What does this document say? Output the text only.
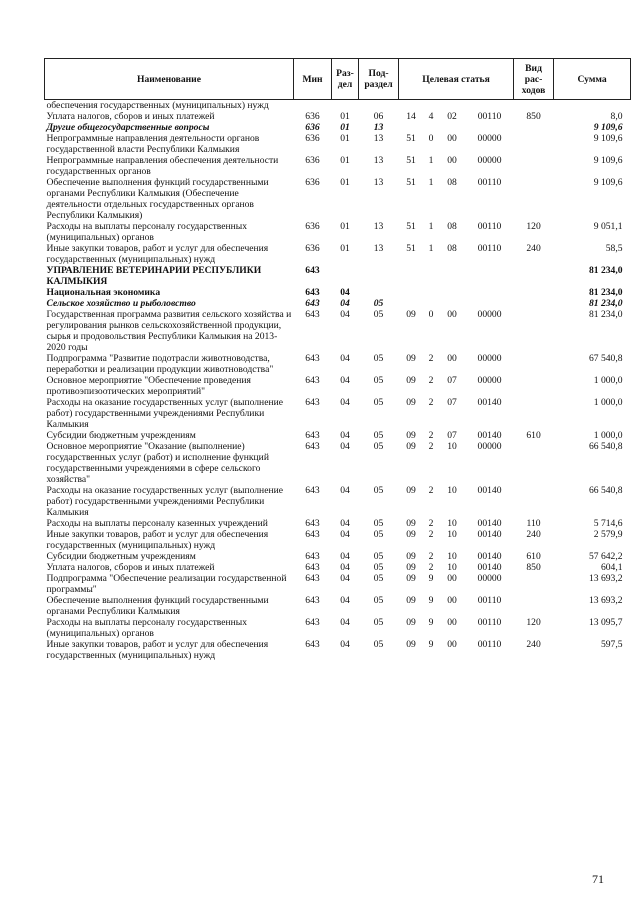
Наименование	Мин	Раз-дел	Под-раздел	Целевая статья				Вид рас-ходов	Сумма
обеспечения государственных (муниципальных) нужд									
Уплата налогов, сборов и иных платежей	636	01	06	14	4	02	00110	850	8,0
Другие общегосударственные вопросы	636	01	13						9 109,6
Непрограммные направления деятельности органов государственной власти Республики Калмыкия	636	01	13	51	0	00	00000		9 109,6
Непрограммные направления обеспечения деятельности государственных органов	636	01	13	51	1	00	00000		9 109,6
Обеспечение выполнения функций государственными органами Республики Калмыкия (Обеспечение деятельности отдельных государственных органов Республики Калмыкия)	636	01	13	51	1	08	00110		9 109,6
Расходы на выплаты персоналу государственных (муниципальных) органов	636	01	13	51	1	08	00110	120	9 051,1
Иные закупки товаров, работ и услуг для обеспечения государственных (муниципальных) нужд	636	01	13	51	1	08	00110	240	58,5
УПРАВЛЕНИЕ ВЕТЕРИНАРИИ РЕСПУБЛИКИ КАЛМЫКИЯ	643								81 234,0
Национальная экономика	643	04							81 234,0
Сельское хозяйство и рыболовство	643	04	05						81 234,0
Государственная программа развития сельского хозяйства и регулирования рынков сельскохозяйственной продукции, сырья и продовольствия Республики Калмыкия на 2013-2020 годы	643	04	05	09	0	00	00000		81 234,0
Подпрограмма "Развитие подотрасли животноводства, переработки и реализации продукции животноводства"	643	04	05	09	2	00	00000		67 540,8
Основное мероприятие "Обеспечение проведения противоэпизоотических мероприятий"	643	04	05	09	2	07	00000		1 000,0
Расходы на оказание государственных услуг (выполнение работ) государственными учреждениями Республики Калмыкия	643	04	05	09	2	07	00140		1 000,0
Субсидии бюджетным учреждениям	643	04	05	09	2	07	00140	610	1 000,0
Основное мероприятие "Оказание (выполнение) государственных услуг (работ) и исполнение функций государственными учреждениями в сфере сельского хозяйства"	643	04	05	09	2	10	00000		66 540,8
Расходы на оказание государственных услуг (выполнение работ) государственными учреждениями Республики Калмыкия	643	04	05	09	2	10	00140		66 540,8
Расходы на выплаты персоналу казенных учреждений	643	04	05	09	2	10	00140	110	5 714,6
Иные закупки товаров, работ и услуг для обеспечения государственных (муниципальных) нужд	643	04	05	09	2	10	00140	240	2 579,9
Субсидии бюджетным учреждениям	643	04	05	09	2	10	00140	610	57 642,2
Уплата налогов, сборов и иных платежей	643	04	05	09	2	10	00140	850	604,1
Подпрограмма "Обеспечение реализации государственной программы"	643	04	05	09	9	00	00000		13 693,2
Обеспечение выполнения функций государственными органами Республики Калмыкия	643	04	05	09	9	00	00110		13 693,2
Расходы на выплаты персоналу государственных (муниципальных) органов	643	04	05	09	9	00	00110	120	13 095,7
Иные закупки товаров, работ и услуг для обеспечения государственных (муниципальных) нужд	643	04	05	09	9	00	00110	240	597,5
71
